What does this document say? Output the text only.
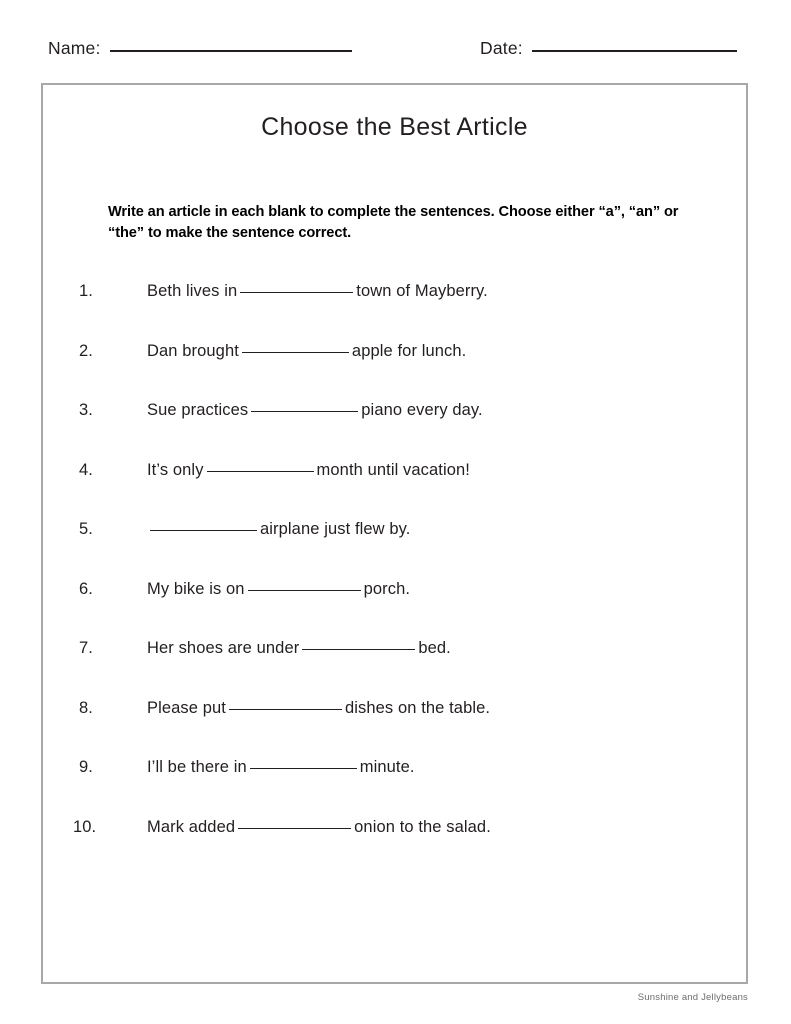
Name:	Date:
Choose the Best Article
Write an article in each blank to complete the sentences. Choose either “a”, “an” or “the” to make the sentence correct.
1.	Beth lives in	town of Mayberry.
2.	Dan brought	apple for lunch.
3.	Sue practices	piano every day.
4.	It’s only	month until vacation!
5.	airplane just flew by.
6.	My bike is on	porch.
7.	Her shoes are under	bed.
8.	Please put	dishes on the table.
9.	I’ll be there in	minute.
10.	Mark added	onion to the salad.
Sunshine and Jellybeans
